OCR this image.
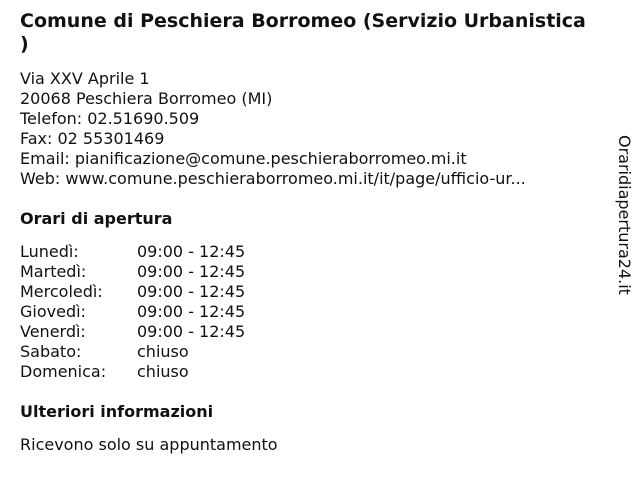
Comune di Peschiera Borromeo (Servizio Urbanistica
)
Via XXV Aprile 1
20068 Peschiera Borromeo (MI)
Telefon: 02.51690.509
Fax: 02 55301469
Email: pianificazione@comune.peschieraborromeo.mi.it
Web: www.comune.peschieraborromeo.mi.it/it/page/ufficio-ur...
Orari di apertura
Lunedì:	09:00 - 12:45
Martedì:	09:00 - 12:45
Mercoledì:	09:00 - 12:45
Giovedì:	09:00 - 12:45
Venerdì:	09:00 - 12:45
Sabato:	chiuso
Domenica:	chiuso
Ulteriori informazioni
Ricevono solo su appuntamento
Oraridiapertura24.it
